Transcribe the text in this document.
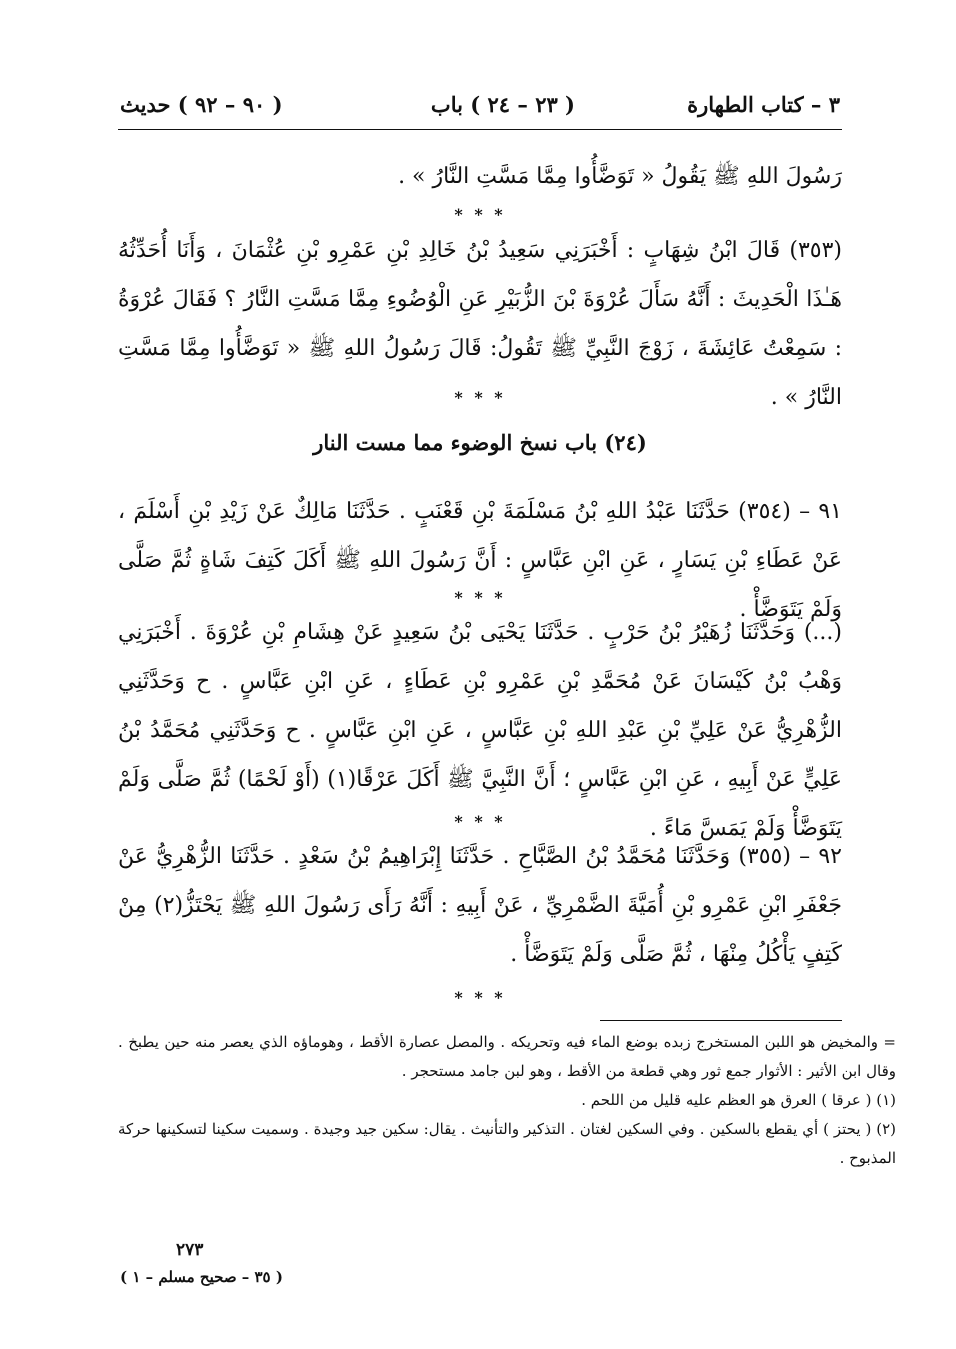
٣ – كتاب الطهارة
( ٢٣ – ٢٤ ) باب
( ٩٠ – ٩٢ ) حديث

رَسُولَ اللهِ ﷺ يَقُولُ « تَوَضَّأُوا مِمَّا مَسَّتِ النَّارُ » .

* * *

(٣٥٣) قَالَ ابْنُ شِهَابٍ : أَخْبَرَنِي سَعِيدُ بْنُ خَالِدِ بْنِ عَمْرِو بْنِ عُثْمَانَ ، وَأَنَا أُحَدِّثُهُ هَـٰذَا الْحَدِيثَ : أَنَّهُ سَأَلَ عُرْوَةَ بْنَ الزُّبَيْرِ عَنِ الْوُضُوءِ مِمَّا مَسَّتِ النَّارُ ؟ فَقَالَ عُرْوَةُ : سَمِعْتُ عَائِشَةَ ، زَوْجَ النَّبِيِّ ﷺ تَقُولُ: قَالَ رَسُولُ اللهِ ﷺ « تَوَضَّأُوا مِمَّا مَسَّتِ النَّارُ » .

* * *
(٢٤) باب نسخ الوضوء مما مست النار

٩١ – (٣٥٤) حَدَّثَنَا عَبْدُ اللهِ بْنُ مَسْلَمَةَ بْنِ قَعْنَبٍ . حَدَّثَنَا مَالِكٌ عَنْ زَيْدِ بْنِ أَسْلَمَ ، عَنْ عَطَاءِ بْنِ يَسَارٍ ، عَنِ ابْنِ عَبَّاسٍ : أَنَّ رَسُولَ اللهِ ﷺ أَكَلَ كَتِفَ شَاةٍ ثُمَّ صَلَّى وَلَمْ يَتَوَضَّأْ .

* * *

(...) وَحَدَّثَنَا زُهَيْرُ بْنُ حَرْبٍ . حَدَّثَنَا يَحْيَى بْنُ سَعِيدٍ عَنْ هِشَامِ بْنِ عُرْوَةَ . أَخْبَرَنِي وَهْبُ بْنُ كَيْسَانَ عَنْ مُحَمَّدِ بْنِ عَمْرِو بْنِ عَطَاءٍ ، عَنِ ابْنِ عَبَّاسٍ . ح وَحَدَّثَنِي الزُّهْرِيُّ عَنْ عَلِيِّ بْنِ عَبْدِ اللهِ بْنِ عَبَّاسٍ ، عَنِ ابْنِ عَبَّاسٍ . ح وَحَدَّثَنِي مُحَمَّدُ بْنُ عَلِيٍّ عَنْ أَبِيهِ ، عَنِ ابْنِ عَبَّاسٍ ؛ أَنَّ النَّبِيَّ ﷺ أَكَلَ عَرْقًا(١) (أَوْ لَحْمًا) ثُمَّ صَلَّى وَلَمْ يَتَوَضَّأْ وَلَمْ يَمَسَّ مَاءً .

* * *

٩٢ – (٣٥٥) وَحَدَّثَنَا مُحَمَّدُ بْنُ الصَّبَّاحِ . حَدَّثَنَا إِبْرَاهِيمُ بْنُ سَعْدٍ . حَدَّثَنَا الزُّهْرِيُّ عَنْ جَعْفَرِ ابْنِ عَمْرِو بْنِ أُمَيَّةَ الضَّمْرِيِّ ، عَنْ أَبِيهِ : أَنَّهُ رَأَى رَسُولَ اللهِ ﷺ يَحْتَزُّ(٢) مِنْ كَتِفٍ يَأْكُلُ مِنْهَا ، ثُمَّ صَلَّى وَلَمْ يَتَوَضَّأْ .

* * *

= والمخيض هو اللبن المستخرج زبده بوضع الماء فيه وتحريكه . والمصل عصارة الأقط ، وهوماؤه الذي يعصر منه حين يطبخ . وقال ابن الأثير : الأثوار جمع ثور وهي قطعة من الأقط ، وهو لبن جامد مستحجر .

(١) ( عرقا ) العرق هو العظم عليه قليل من اللحم .

(٢) ( يحتز ) أي يقطع بالسكين . وفي السكين لغتان . التذكير والتأنيث . يقال: سكين جيد وجيدة . وسميت سكينا لتسكينها حركة المذبوح .

٢٧٣
( ٣٥ – صحيح مسلم – ١ )
